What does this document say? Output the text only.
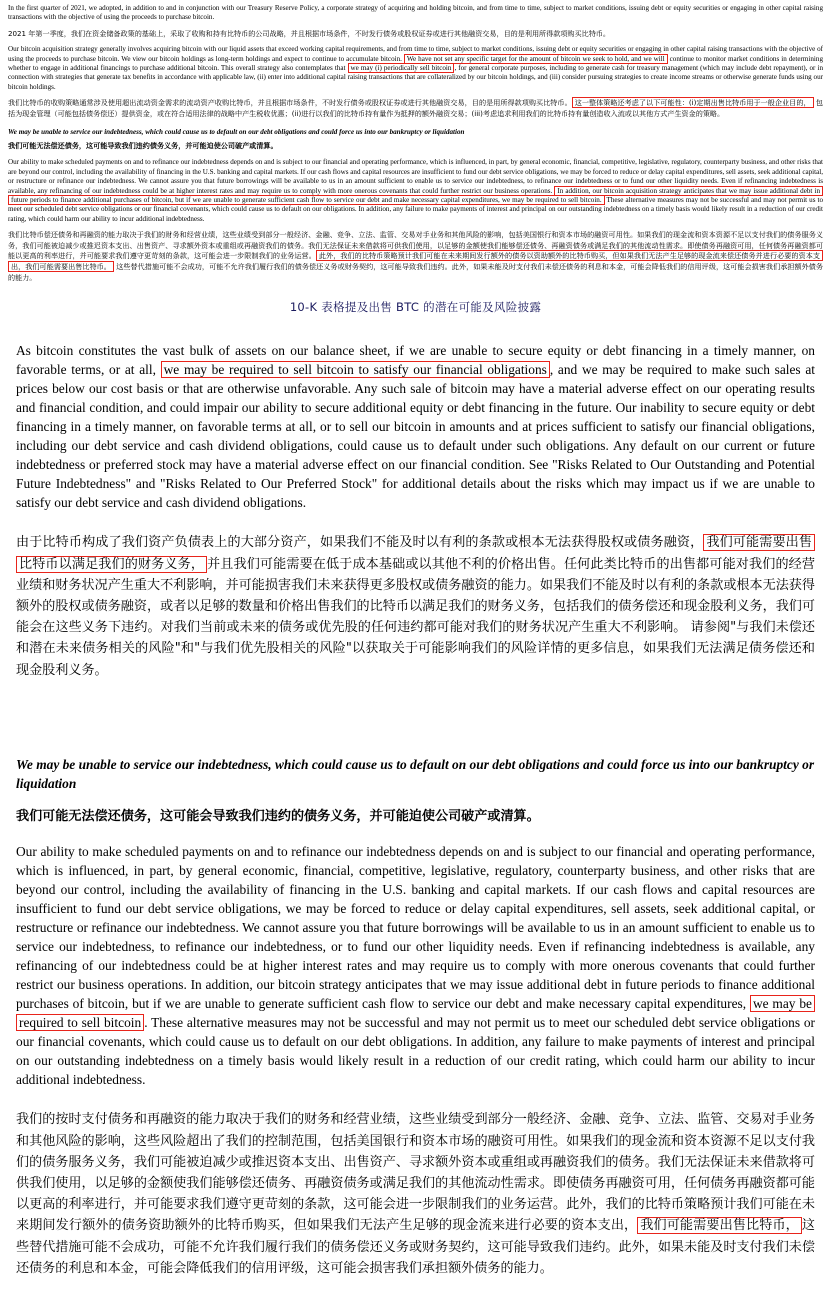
In the first quarter of 2021, we adopted, in addition to and in conjunction with our Treasury Reserve Policy, a corporate strategy of acquiring and holding bitcoin, and from time to time, subject to market conditions, issuing debt or equity securities or engaging in other capital raising transactions with the objective of using the proceeds to purchase bitcoin.

2021 年第一季度，我们在资金储备政策的基础上，采取了收购和持有比特币的公司战略，并且根据市场条件，不时发行债务或股权证券或进行其他融资交易，目的是利用所得款项购买比特币。

Our bitcoin acquisition strategy generally involves acquiring bitcoin with our liquid assets that exceed working capital requirements, and from time to time, subject to market conditions, issuing debt or equity securities or engaging in other capital raising transactions with the objective of using the proceeds to purchase bitcoin. We view our bitcoin holdings as long-term holdings and expect to continue to accumulate bitcoin. We have not set any specific target for the amount of bitcoin we seek to hold, and we will continue to monitor market conditions in determining whether to engage in additional financings to purchase additional bitcoin. This overall strategy also contemplates that we may (i) periodically sell bitcoin , for general corporate purposes, including to generate cash for treasury management (which may include debt repayment), or in connection with strategies that generate tax benefits in accordance with applicable law, (ii) enter into additional capital raising transactions that are collateralized by our bitcoin holdings, and (iii) consider pursuing strategies to create income streams or otherwise generate funds using our bitcoin holdings.

我们比特币的收购策略通常涉及使用超出流动资金需求的流动资产收购比特币，并且根据市场条件，不时发行债务或股权证券或进行其他融资交易，目的是用所得款项购买比特币。 这一整体策略还考虑了以下可能性：(i)定期出售比特币用于一般企业目的， 包括为现金管理（可能包括债务偿还）提供资金，或在符合适用法律的战略中产生税收优惠；(ii)进行以我们的比特币持有量作为抵押的额外融资交易；(iii)考虑追求利用我们的比特币持有量创造收入流或以其他方式产生资金的策略。

We may be unable to service our indebtedness, which could cause us to default on our debt obligations and could force us into our bankruptcy or liquidation

我们可能无法偿还债务，这可能导致我们违约债务义务，并可能迫使公司破产或清算。

Our ability to make scheduled payments on and to refinance our indebtedness depends on and is subject to our financial and operating performance, which is influenced, in part, by general economic, financial, competitive, legislative, regulatory, counterparty business, and other risks that are beyond our control, including the availability of financing in the U.S. banking and capital markets. If our cash flows and capital resources are insufficient to fund our debt service obligations, we may be forced to reduce or delay capital expenditures, sell assets, seek additional capital, or restructure or refinance our indebtedness. We cannot assure you that future borrowings will be available to us in an amount sufficient to enable us to service our indebtedness, to refinance our indebtedness or to fund our other liquidity needs. Even if refinancing indebtedness is available, any refinancing of our indebtedness could be at higher interest rates and may require us to comply with more onerous covenants that could further restrict our business operations. In addition, our bitcoin acquisition strategy anticipates that we may issue additional debt in future periods to finance additional purchases of bitcoin, but if we are unable to generate sufficient cash flow to service our debt and make necessary capital expenditures, we may be required to sell bitcoin. These alternative measures may not be successful and may not permit us to meet our scheduled debt service obligations or our financial covenants, which could cause us to default on our obligations. In addition, any failure to make payments of interest and principal on our outstanding indebtedness on a timely basis would likely result in a reduction of our credit rating, which could harm our ability to incur additional indebtedness.

我们比特币偿还债务和再融资的能力取决于我们的财务和经营业绩，这些业绩受到部分一般经济、金融、竞争、立法、监管、交易对手业务和其他风险的影响，包括美国银行和资本市场的融资可用性。如果我们的现金流和资本资源不足以支付我们的债务服务义务，我们可能被迫减少或推迟资本支出、出售资产、寻求额外资本或重组或再融资我们的债务。我们无法保证未来借款将可供我们使用，以足够的金额使我们能够偿还债务、再融资债务或满足我们的其他流动性需求。即使债务再融资可用，任何债务再融资都可能以更高的利率进行，并可能要求我们遵守更苛刻的条款，这可能会进一步限制我们的业务运营。 此外，我们的比特币策略预计我们可能在未来期间发行额外的债务以资助额外的比特币购买，但如果我们无法产生足够的现金流来偿还债务并进行必要的资本支出，我们可能需要出售比特币。 这些替代措施可能不会成功，可能不允许我们履行我们的债务偿还义务或财务契约，这可能导致我们违约。此外，如果未能及时支付我们未偿还债务的利息和本金，可能会降低我们的信用评级，这可能会损害我们承担额外债务的能力。

10-K 表格提及出售 BTC 的潜在可能及风险披露
As bitcoin constitutes the vast bulk of assets on our balance sheet, if we are unable to secure equity or debt financing in a timely manner, on favorable terms, or at all, we may be required to sell bitcoin to satisfy our financial obligations , and we may be required to make such sales at prices below our cost basis or that are otherwise unfavorable. Any such sale of bitcoin may have a material adverse effect on our operating results and financial condition, and could impair our ability to secure additional equity or debt financing in the future. Our inability to secure equity or debt financing in a timely manner, on favorable terms at all, or to sell our bitcoin in amounts and at prices sufficient to satisfy our financial obligations, including our debt service and cash dividend obligations, could cause us to default under such obligations. Any default on our current or future indebtedness or preferred stock may have a material adverse effect on our financial condition. See "Risks Related to Our Outstanding and Potential Future Indebtedness" and "Risks Related to Our Preferred Stock" for additional details about the risks which may impact us if we are unable to satisfy our debt service and cash dividend obligations.
由于比特币构成了我们资产负债表上的大部分资产，如果我们不能及时以有利的条款或根本无法获得股权或债务融资， 我们可能需要出售比特币以满足我们的财务义务， 并且我们可能需要在低于成本基础或以其他不利的价格出售。任何此类比特币的出售都可能对我们的经营业绩和财务状况产生重大不利影响，并可能损害我们未来获得更多股权或债务融资的能力。如果我们不能及时以有利的条款或根本无法获得额外的股权或债务融资，或者以足够的数量和价格出售我们的比特币以满足我们的财务义务，包括我们的债务偿还和现金股利义务，我们可能会在这些义务下违约。对我们当前或未来的债务或优先股的任何违约都可能对我们的财务状况产生重大不利影响。 请参阅"与我们未偿还和潜在未来债务相关的风险"和"与我们优先股相关的风险"以获取关于可能影响我们的风险详情的更多信息，如果我们无法满足债务偿还和现金股利义务。
We may be unable to service our indebtedness, which could cause us to default on our debt obligations and could force us into our bankruptcy or liquidation
我们可能无法偿还债务，这可能会导致我们违约的债务义务，并可能迫使公司破产或清算。
Our ability to make scheduled payments on and to refinance our indebtedness depends on and is subject to our financial and operating performance, which is influenced, in part, by general economic, financial, competitive, legislative, regulatory, counterparty business, and other risks that are beyond our control, including the availability of financing in the U.S. banking and capital markets. If our cash flows and capital resources are insufficient to fund our debt service obligations, we may be forced to reduce or delay capital expenditures, sell assets, seek additional capital, or restructure or refinance our indebtedness. We cannot assure you that future borrowings will be available to us in an amount sufficient to enable us to service our indebtedness, to refinance our indebtedness, or to fund our other liquidity needs. Even if refinancing indebtedness is available, any refinancing of our indebtedness could be at higher interest rates and may require us to comply with more onerous covenants that could further restrict our business operations. In addition, our bitcoin strategy anticipates that we may issue additional debt in future periods to finance additional purchases of bitcoin, but if we are unable to generate sufficient cash flow to service our debt and make necessary capital expenditures, we may be required to sell bitcoin . These alternative measures may not be successful and may not permit us to meet our scheduled debt service obligations or our financial covenants, which could cause us to default on our debt obligations. In addition, any failure to make payments of interest and principal on our outstanding indebtedness on a timely basis would likely result in a reduction of our credit rating, which could harm our ability to incur additional indebtedness.
我们的按时支付债务和再融资的能力取决于我们的财务和经营业绩，这些业绩受到部分一般经济、金融、竞争、立法、监管、交易对手业务和其他风险的影响，这些风险超出了我们的控制范围，包括美国银行和资本市场的融资可用性。如果我们的现金流和资本资源不足以支付我们的债务服务义务，我们可能被迫减少或推迟资本支出、出售资产、寻求额外资本或重组或再融资我们的债务。我们无法保证未来借款将可供我们使用，以足够的金额使我们能够偿还债务、再融资债务或满足我们的其他流动性需求。即使债务再融资可用，任何债务再融资都可能以更高的利率进行，并可能要求我们遵守更苛刻的条款，这可能会进一步限制我们的业务运营。此外，我们的比特币策略预计我们可能在未来期间发行额外的债务资助额外的比特币购买，但如果我们无法产生足够的现金流来进行必要的资本支出， 我们可能需要出售比特币， 这些替代措施可能不会成功，可能不允许我们履行我们的债务偿还义务或财务契约，这可能导致我们违约。此外，如果未能及时支付我们未偿还债务的利息和本金，可能会降低我们的信用评级，这可能会损害我们承担额外债务的能力。
